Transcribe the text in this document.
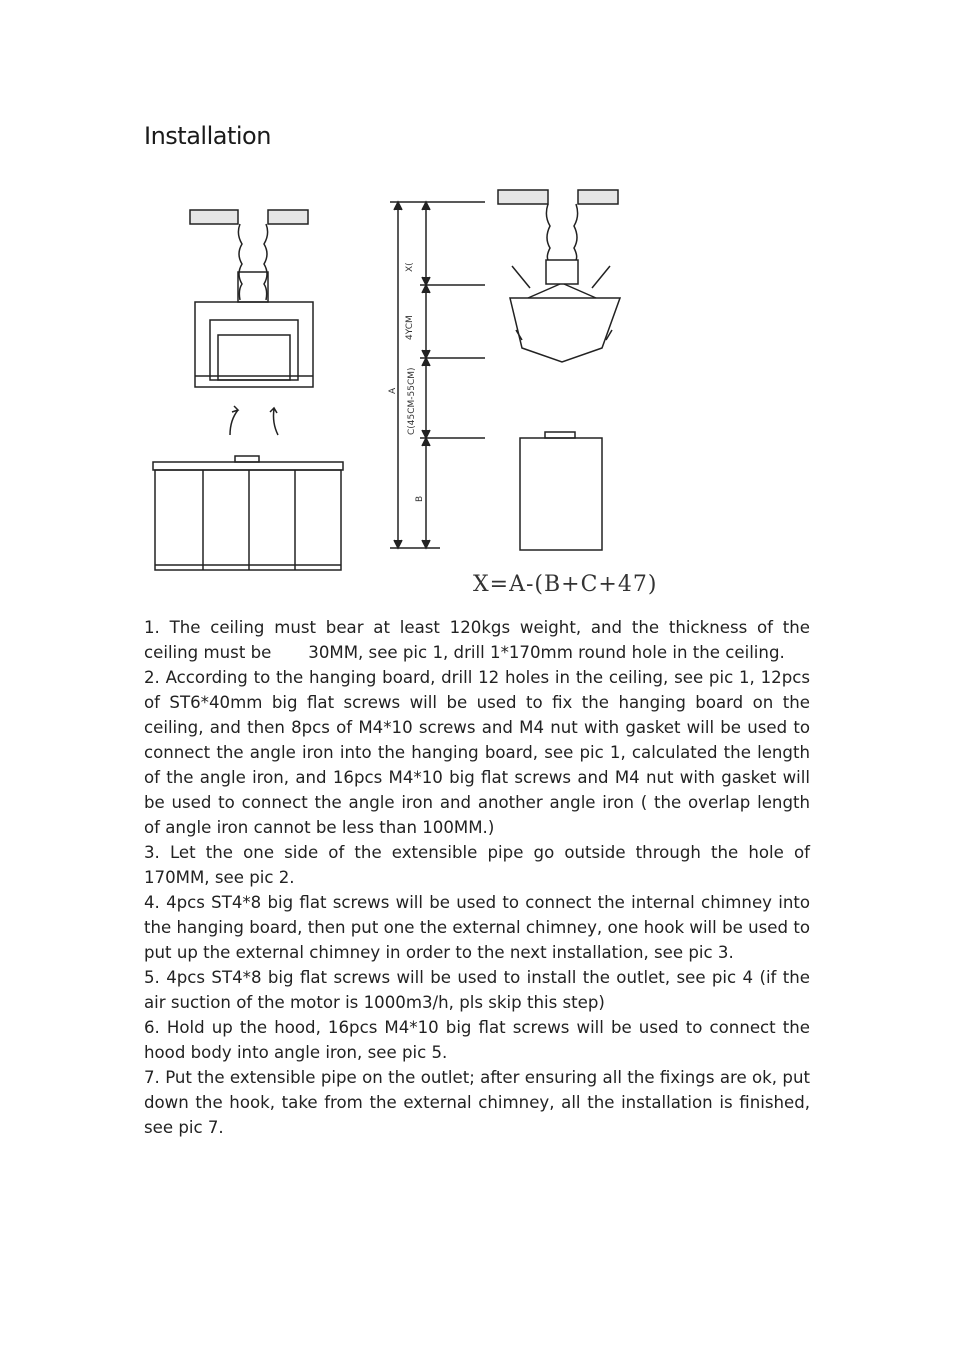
Installation
X(
4YCM
A C(45CM-55CM)
B
X=A-(B+C+47)

1. The ceiling must bear at least 120kgs weight, and the thickness of the ceiling must be       30MM, see pic 1, drill 1*170mm round hole in the ceiling.

2. According to the hanging board, drill 12 holes in the ceiling, see pic 1, 12pcs of ST6*40mm big flat screws will be used to fix the hanging board on the ceiling, and then 8pcs of M4*10 screws and M4 nut with gasket will be used to connect the angle iron into the hanging board, see pic 1, calculated the length of the angle iron, and 16pcs M4*10 big flat screws and M4 nut with gasket will be used to connect the angle iron and another angle iron ( the overlap length of angle iron cannot be less than 100MM.)

3. Let the one side of the extensible pipe go outside through the hole of 170MM, see pic 2.

4. 4pcs ST4*8 big flat screws will be used to connect the internal chimney into the hanging board, then put one the external chimney, one hook will be used to put up the external chimney in order to the next installation, see pic 3.

5. 4pcs ST4*8 big flat screws will be used to install the outlet, see pic 4 (if the air suction of the motor is 1000m3/h, pls skip this step)

6. Hold up the hood, 16pcs M4*10 big flat screws will be used to connect the hood body into angle iron, see pic 5.

7. Put the extensible pipe on the outlet; after ensuring all the fixings are ok, put down the hook, take from the external chimney, all the installation is finished, see pic 7.
